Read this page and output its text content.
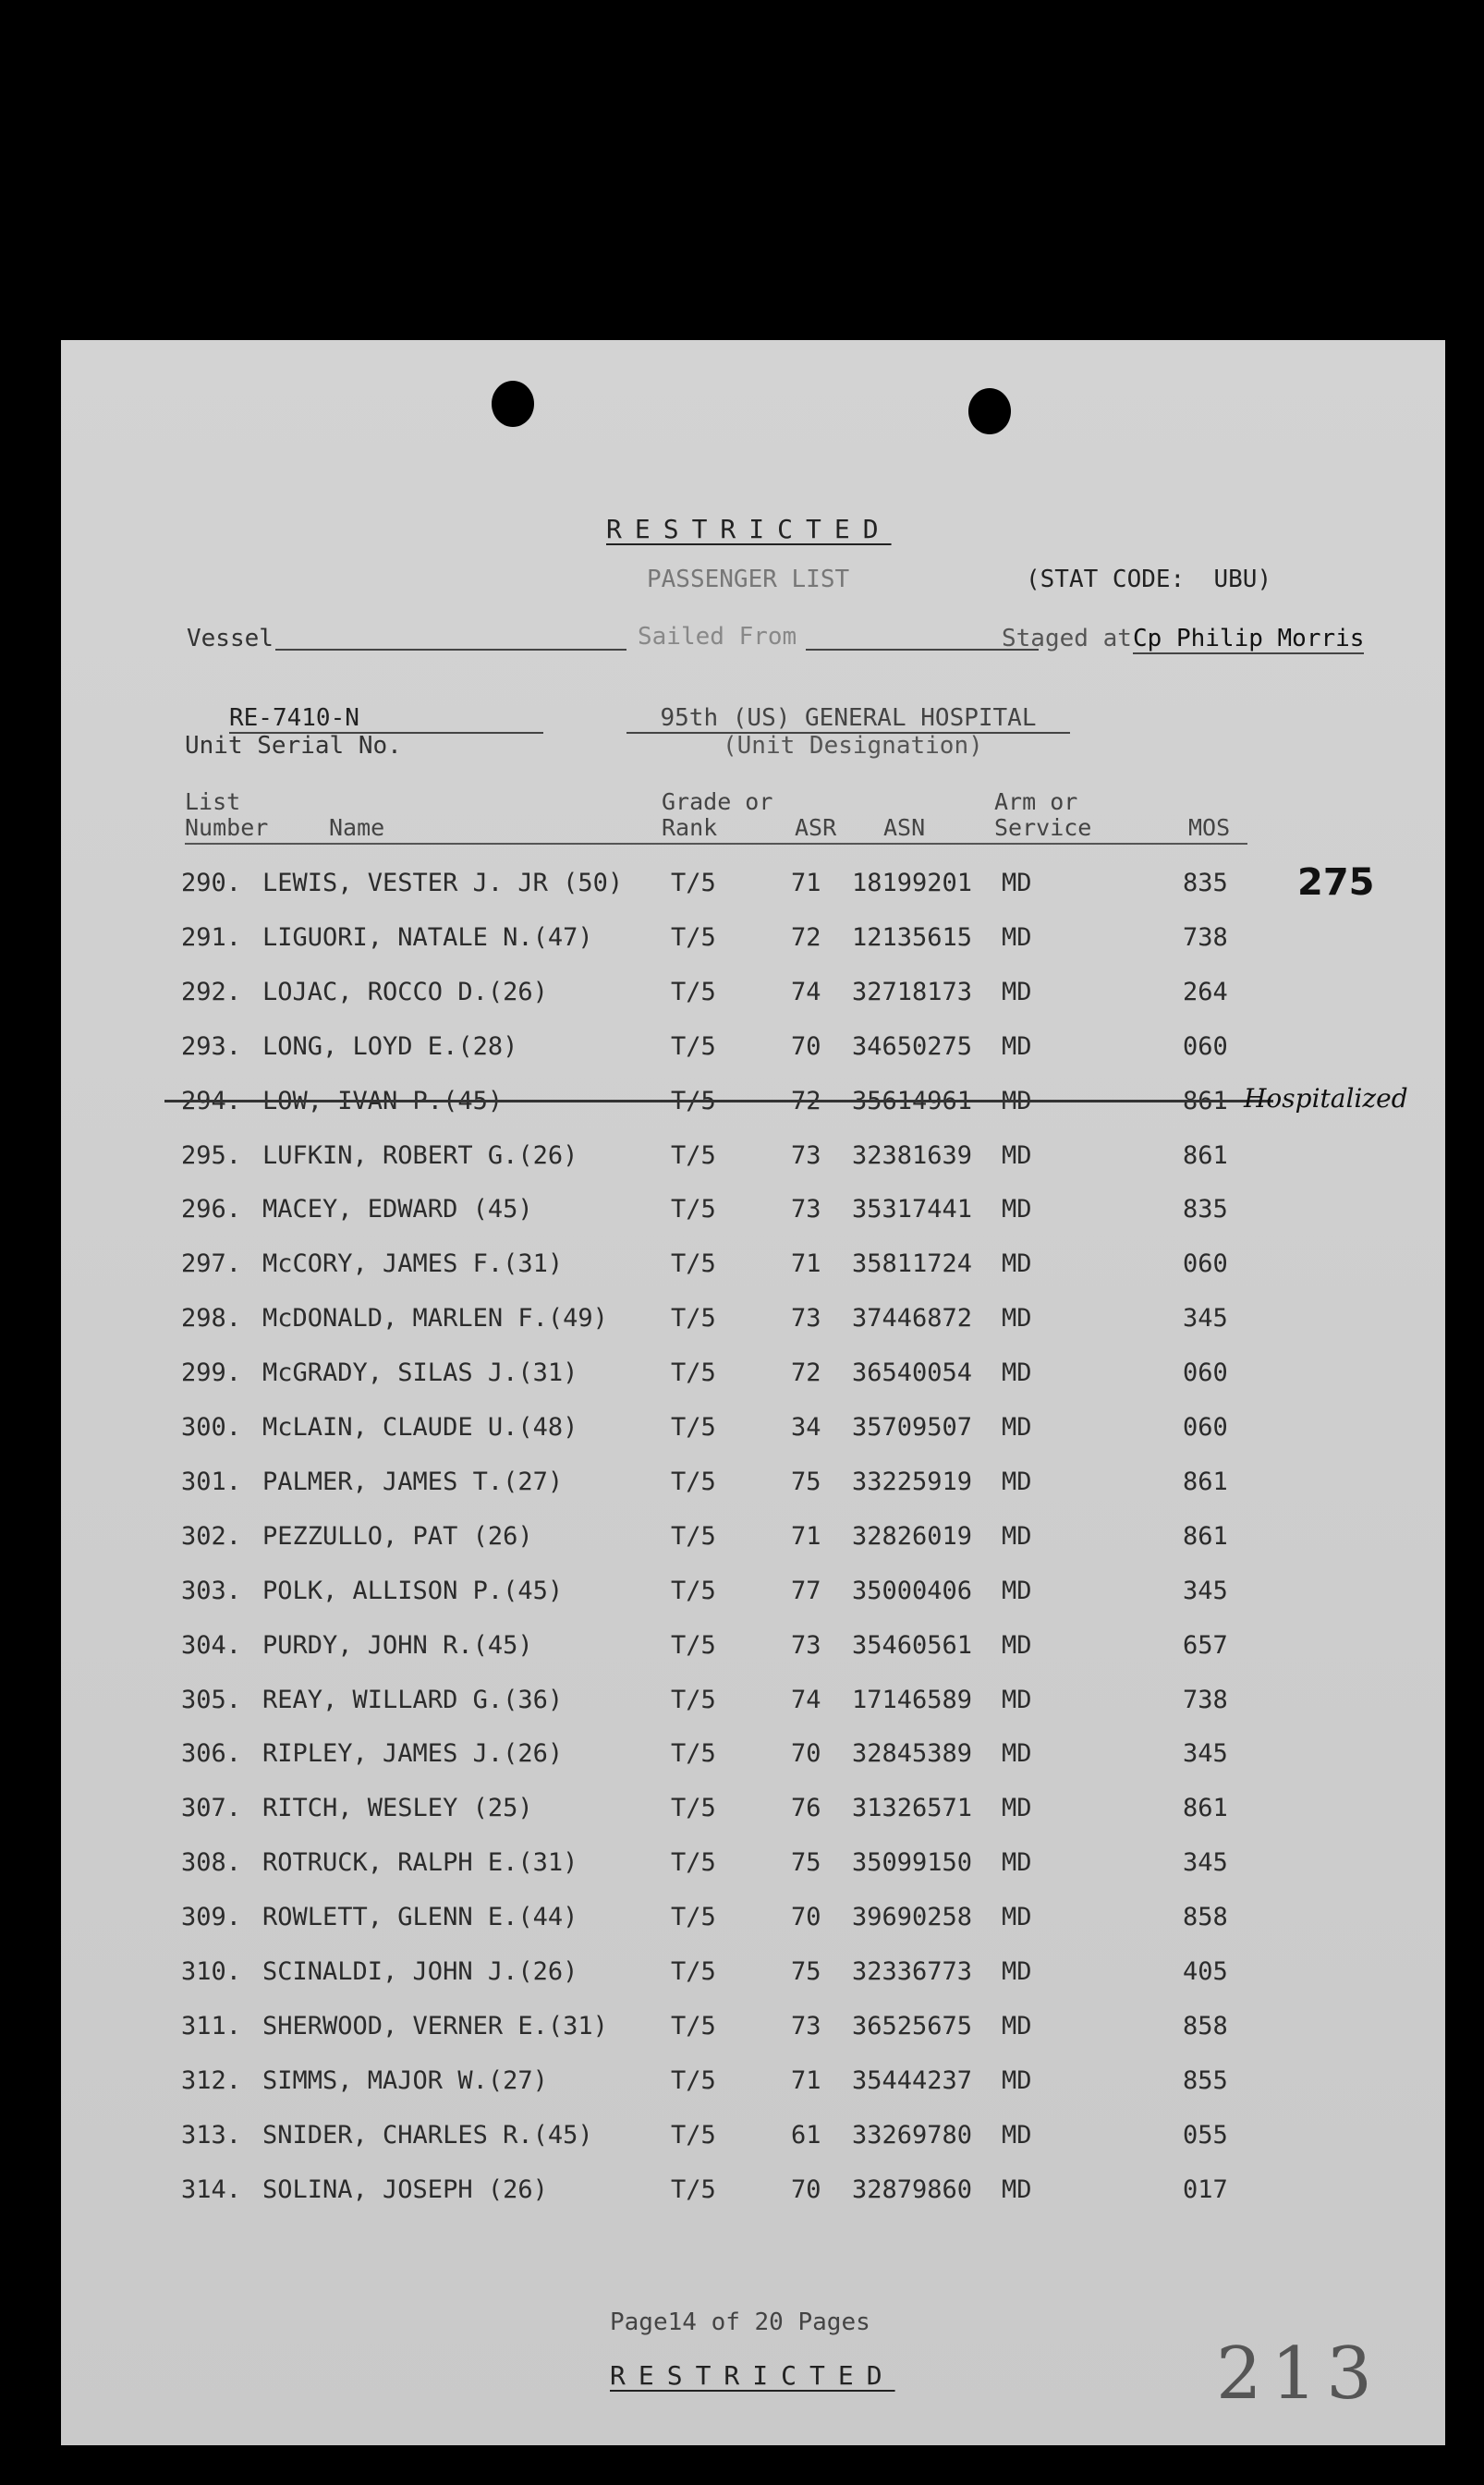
RESTRICTED
PASSENGER LIST	(STAT CODE:  UBU)
Vessel	Sailed From	Staged at Cp Philip Morris
RE-7410-N
Unit Serial No.
95th (US) GENERAL HOSPITAL
(Unit Designation)
List
Number	Name
Grade or
Rank	ASR ASN
Arm or
Service	MOS
275
290. LEWIS, VESTER J. JR (50) T/5	71 18199201 MD	835
291. LIGUORI, NATALE N.(47)	T/5	72 12135615 MD	738
292. LOJAC, ROCCO D.(26)	T/5	74 32718173 MD	264
293. LONG, LOYD E.(28)	T/5	70 34650275 MD	060
294. LOW, IVAN P.(45)	T/5	72 35614961 MD	861 Hospitalized
295. LUFKIN, ROBERT G.(26)	T/5	73 32381639 MD	861
296. MACEY, EDWARD (45)	T/5	73 35317441 MD	835
297. McCORY, JAMES F.(31)	T/5	71 35811724 MD	060
298. McDONALD, MARLEN F.(49)	T/5	73 37446872 MD	345
299. McGRADY, SILAS J.(31)	T/5	72 36540054 MD	060
300. McLAIN, CLAUDE U.(48)	T/5	34 35709507 MD	060
301. PALMER, JAMES T.(27)	T/5	75 33225919 MD	861
302. PEZZULLO, PAT (26)	T/5	71 32826019 MD	861
303. POLK, ALLISON P.(45)	T/5	77 35000406 MD	345
304. PURDY, JOHN R.(45)	T/5	73 35460561 MD	657
305. REAY, WILLARD G.(36)	T/5	74 17146589 MD	738
306. RIPLEY, JAMES J.(26)	T/5	70 32845389 MD	345
307. RITCH, WESLEY (25)	T/5	76 31326571 MD	861
308. ROTRUCK, RALPH E.(31)	T/5	75 35099150 MD	345
309. ROWLETT, GLENN E.(44)	T/5	70 39690258 MD	858
310. SCINALDI, JOHN J.(26)	T/5	75 32336773 MD	405
311. SHERWOOD, VERNER E.(31)	T/5	73 36525675 MD	858
312. SIMMS, MAJOR W.(27)	T/5	71 35444237 MD	855
313. SNIDER, CHARLES R.(45)	T/5	61 33269780 MD	055
314. SOLINA, JOSEPH (26)	T/5	70 32879860 MD	017
Page14 of 20 Pages
RESTRICTED	213
